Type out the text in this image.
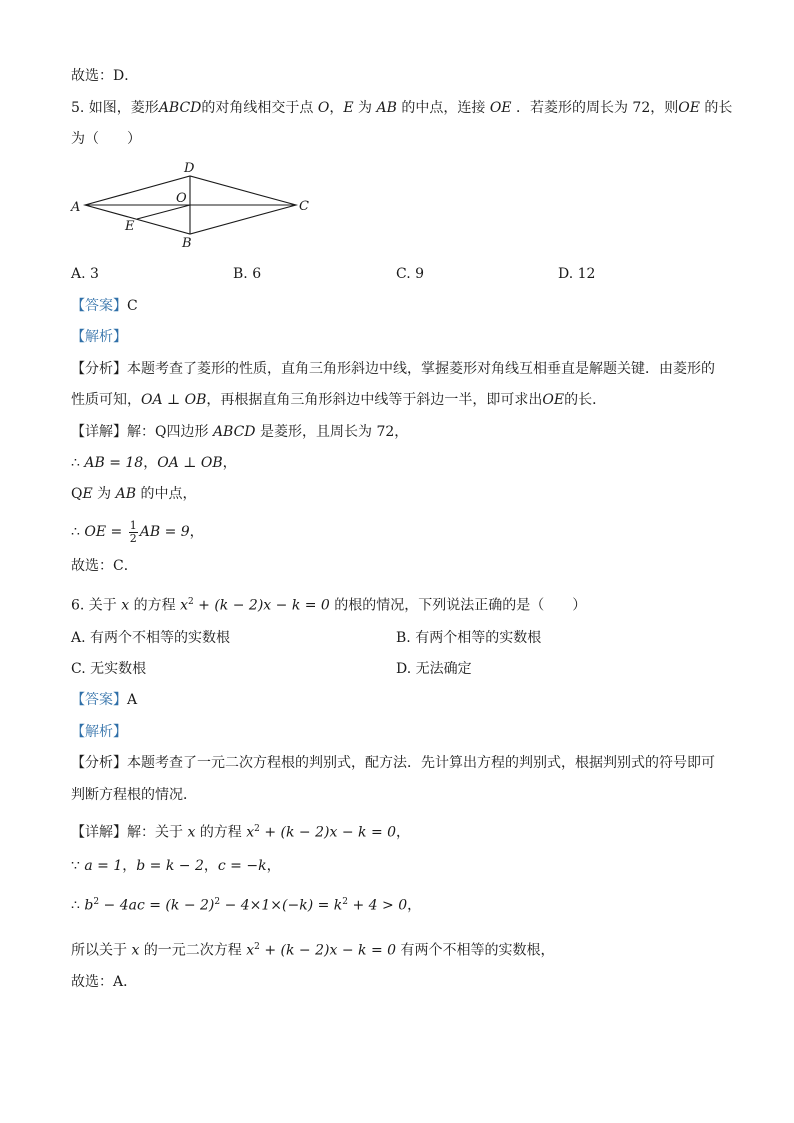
故选：D．
5. 如图，菱形ABCD的对角线相交于点 O，E 为 AB 的中点，连接 OE ．若菱形的周长为 72，则OE 的长
为（　　）
A
D
O
C
E
B
A. 3	B. 6	C. 9	D. 12
【答案】C
【解析】
【分析】本题考查了菱形的性质，直角三角形斜边中线，掌握菱形对角线互相垂直是解题关键．由菱形的
性质可知，OA ⊥ OB，再根据直角三角形斜边中线等于斜边一半，即可求出OE的长．
【详解】解：Q四边形 ABCD 是菱形，且周长为 72，
∴ AB = 18，OA ⊥ OB，
QE 为 AB 的中点，
∴ OE = $\frac{1}{2}$ AB = 9，
故选：C．
6. 关于 x 的方程 $x^2 + (k - 2)x - k = 0$ 的根的情况，下列说法正确的是（　　）
A. 有两个不相等的实数根	B. 有两个相等的实数根
C. 无实数根	D. 无法确定
【答案】A
【解析】
【分析】本题考查了一元二次方程根的判别式，配方法．先计算出方程的判别式，根据判别式的符号即可
判断方程根的情况．
【详解】解：关于 x 的方程 $x^2 + (k - 2)x - k = 0$，
∵ a = 1，b = k − 2，c = −k，
∴ $b^2 - 4ac = (k - 2)^2 - 4\times 1\times(-k) = k^2 + 4 > 0$，
所以关于 x 的一元二次方程 $x^2 + (k - 2)x - k = 0$ 有两个不相等的实数根，
故选：A．
